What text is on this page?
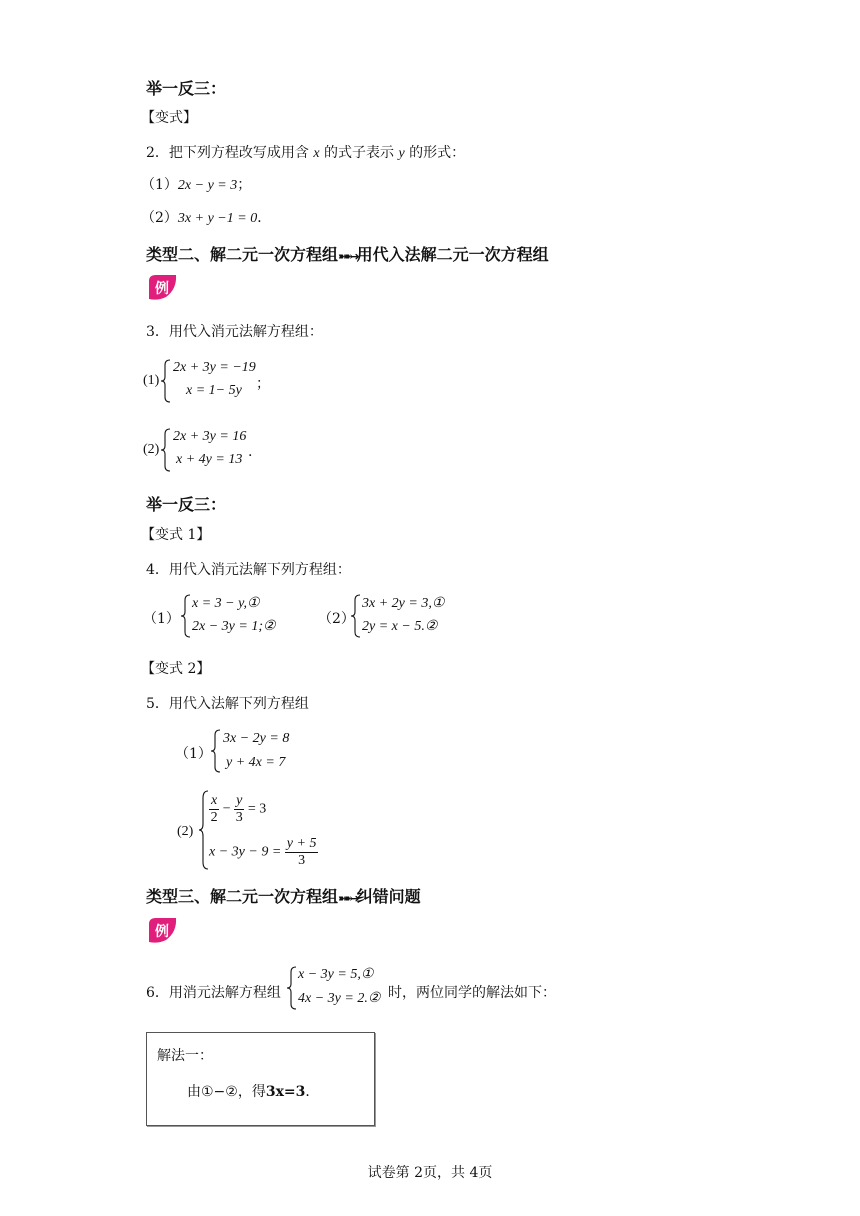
举一反三：
【变式】
2．把下列方程改写成用含 x 的式子表示 y 的形式：
（1）2x − y = 3；
（2）3x + y −1 = 0．
类型二、解二元一次方程组➽➽➜用代入法解二元一次方程组
例
3．用代入消元法解方程组：
(1)
2x + 3y = −19
x = 1− 5y ；
(2)
2x + 3y = 16
x + 4y = 13 .
举一反三：
【变式 1】
4．用代入消元法解下列方程组：
（1）
x = 3 − y,①
2x − 3y = 1;②	（2）
3x + 2y = 3,①
2y = x − 5.②
【变式 2】
5．用代入法解下列方程组
（1）
3x − 2y = 8
y + 4x = 7
(2)
$\frac{x}{2} - \frac{y}{3} = 3$
$x - 3y - 9 = \frac{y + 5}{3}$
类型三、解二元一次方程组➽➽➜纠错问题
例
6．用消元法解方程组
x − 3y = 5,①
4x − 3y = 2.② 时，两位同学的解法如下：
解法一：
由①−②，得3x=3．
试卷第 2页，共 4页
